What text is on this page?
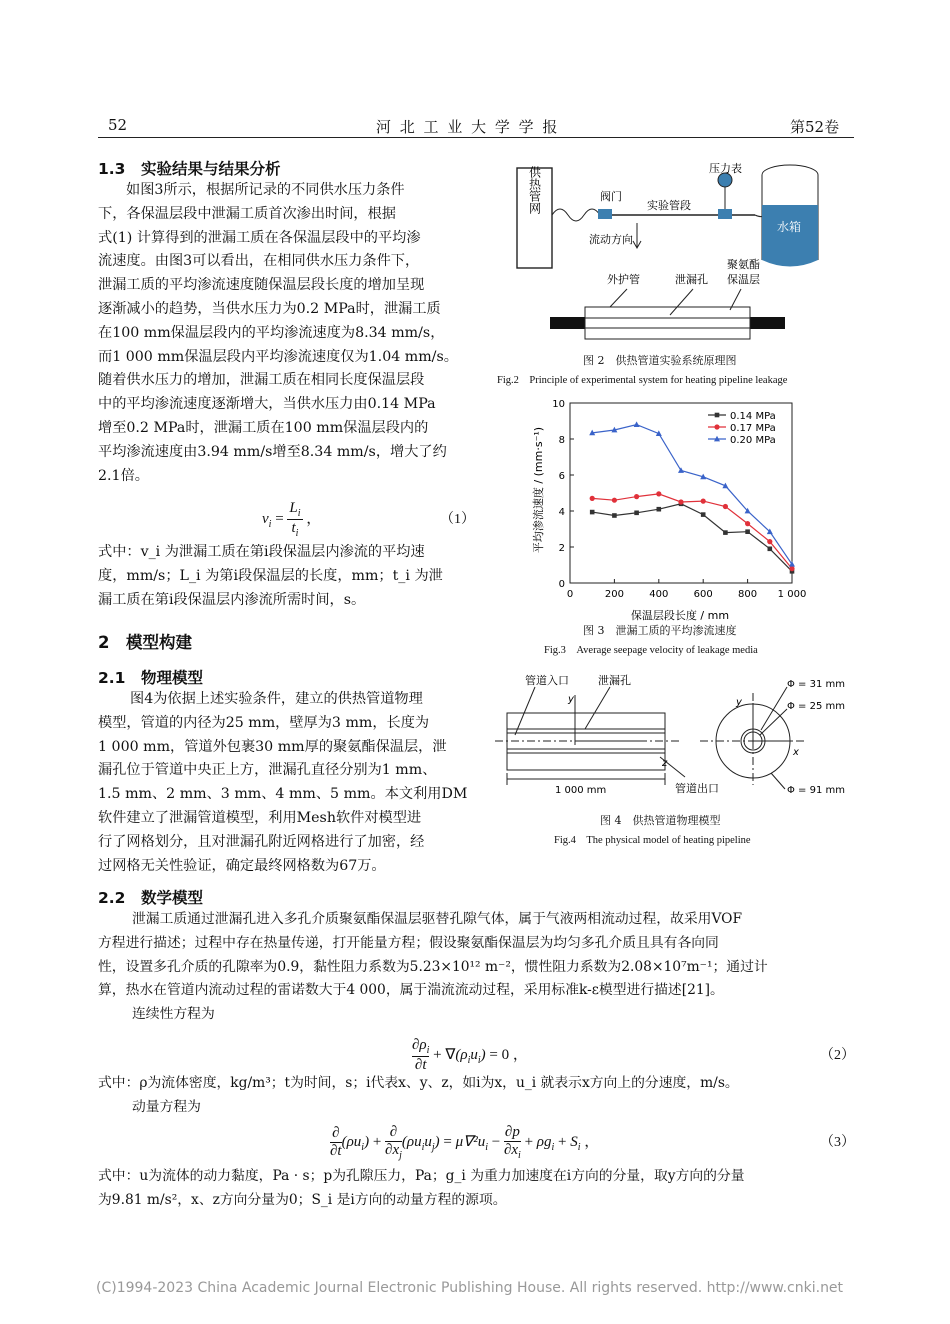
52	河 北 工 业 大 学 学 报	第52卷
1.3　实验结果与结果分析
如图3所示，根据所记录的不同供水压力条件
下，各保温层段中泄漏工质首次渗出时间，根据
式(1) 计算得到的泄漏工质在各保温层段中的平均渗
流速度。由图3可以看出，在相同供水压力条件下，
泄漏工质的平均渗流速度随保温层段长度的增加呈现
逐渐减小的趋势，当供水压力为0.2 MPa时，泄漏工质
在100 mm保温层段内的平均渗流速度为8.34 mm/s，
而1 000 mm保温层段内平均渗流速度仅为1.04 mm/s。
随着供水压力的增加，泄漏工质在相同长度保温层段
中的平均渗流速度逐渐增大，当供水压力由0.14 MPa
增至0.2 MPa时，泄漏工质在100 mm保温层段内的
平均渗流速度由3.94 mm/s增至8.34 mm/s，增大了约
2.1倍。
$v_i = \frac{L_i}{t_i}$ ，	（1）
式中：v_i 为泄漏工质在第i段保温层内渗流的平均速
度，mm/s；L_i 为第i段保温层的长度，mm；t_i 为泄
漏工质在第i段保温层内渗流所需时间，s。
2　模型构建
2.1　物理模型
图4为依据上述实验条件，建立的供热管道物理
模型，管道的内径为25 mm，壁厚为3 mm，长度为
1 000 mm，管道外包裹30 mm厚的聚氨酯保温层，泄
漏孔位于管道中央正上方，泄漏孔直径分别为1 mm、
1.5 mm、2 mm、3 mm、4 mm、5 mm。本文利用DM
软件建立了泄漏管道模型，利用Mesh软件对模型进
行了网格划分，且对泄漏孔附近网格进行了加密，经
过网格无关性验证，确定最终网格数为67万。
2.2　数学模型
泄漏工质通过泄漏孔进入多孔介质聚氨酯保温层驱替孔隙气体，属于气液两相流动过程，故采用VOF
方程进行描述；过程中存在热量传递，打开能量方程；假设聚氨酯保温层为均匀多孔介质且具有各向同
性，设置多孔介质的孔隙率为0.9，黏性阻力系数为5.23×10¹² m⁻²，惯性阻力系数为2.08×10⁷m⁻¹；通过计
算，热水在管道内流动过程的雷诺数大于4 000，属于湍流流动过程，采用标准k-ε模型进行描述[21]。
连续性方程为
$\frac{\partial\rho_i}{\partial t} + \nabla(\rho_iu_i) = 0$ ，	（2）
式中：ρ为流体密度，kg/m³；t为时间，s；i代表x、y、z，如i为x，u_i 就表示x方向上的分速度，m/s。
动量方程为
∂
∂t
$(\rho u_i)$ +
∂
$\partial x_j$
$(\rho u_iu_j) = \mu\nabla^2u_i - \frac{\partial p}{\partial x_i} + \rho g_i + S_i$ ，	（3）
式中：u为流体的动力黏度，Pa · s；p为孔隙压力，Pa；g_i 为重力加速度在i方向的分量，取y方向的分量
为9.81 m/s²，x、z方向分量为0；S_i 是i方向的动量方程的源项。
供热管网	阀门
实验管段
压力表
水箱
流动方向
外护管	泄漏孔
聚氨酯
保温层
图 2　供热管道实验系统原理图
Fig.2　Principle of experimental system for heating pipeline leakage
0	200	400	600	800 1 000
0
2
4
6
8
10
0.14 MPa
0.17 MPa
0.20 MPa
保温层段长度 / mm
平均渗流速度 / (mm·s⁻¹)
图 3　泄漏工质的平均渗流速度
Fig.3　Average seepage velocity of leakage media
管道入口	泄漏孔
y
z
1 000 mm	管道出口
y
x
Φ = 31 mm
Φ = 25 mm
Φ = 91 mm
图 4　供热管道物理模型
Fig.4　The physical model of heating pipeline
(C)1994-2023 China Academic Journal Electronic Publishing House. All rights reserved. http://www.cnki.net
